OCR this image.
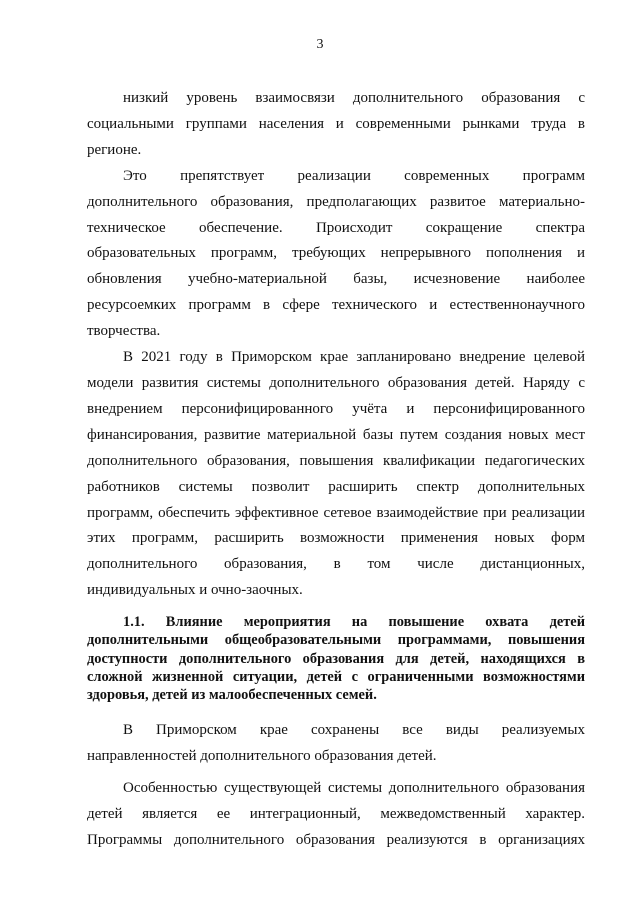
3

низкий уровень взаимосвязи дополнительного образования с
социальными группами населения и современными рынками труда в
регионе.

Это препятствует реализации современных программ
дополнительного образования, предполагающих развитое материально-
техническое обеспечение. Происходит сокращение спектра
образовательных программ, требующих непрерывного пополнения и
обновления учебно-материальной базы, исчезновение наиболее
ресурсоемких программ в сфере технического и естественнонаучного
творчества.

В 2021 году в Приморском крае запланировано внедрение целевой
модели развития системы дополнительного образования детей. Наряду с
внедрением персонифицированного учёта и персонифицированного
финансирования, развитие материальной базы путем создания новых мест
дополнительного образования, повышения квалификации педагогических
работников системы позволит расширить спектр дополнительных
программ, обеспечить эффективное сетевое взаимодействие при реализации
этих программ, расширить возможности применения новых форм
дополнительного образования, в том числе дистанционных,
индивидуальных и очно-заочных.

1.1. Влияние мероприятия на повышение охвата детей
дополнительными общеобразовательными программами, повышения
доступности дополнительного образования для детей, находящихся в
сложной жизненной ситуации, детей с ограниченными возможностями
здоровья, детей из малообеспеченных семей.

В Приморском крае сохранены все виды реализуемых
направленностей дополнительного образования детей.

Особенностью существующей системы дополнительного образования
детей является ее интеграционный, межведомственный характер.
Программы дополнительного образования реализуются в организациях
